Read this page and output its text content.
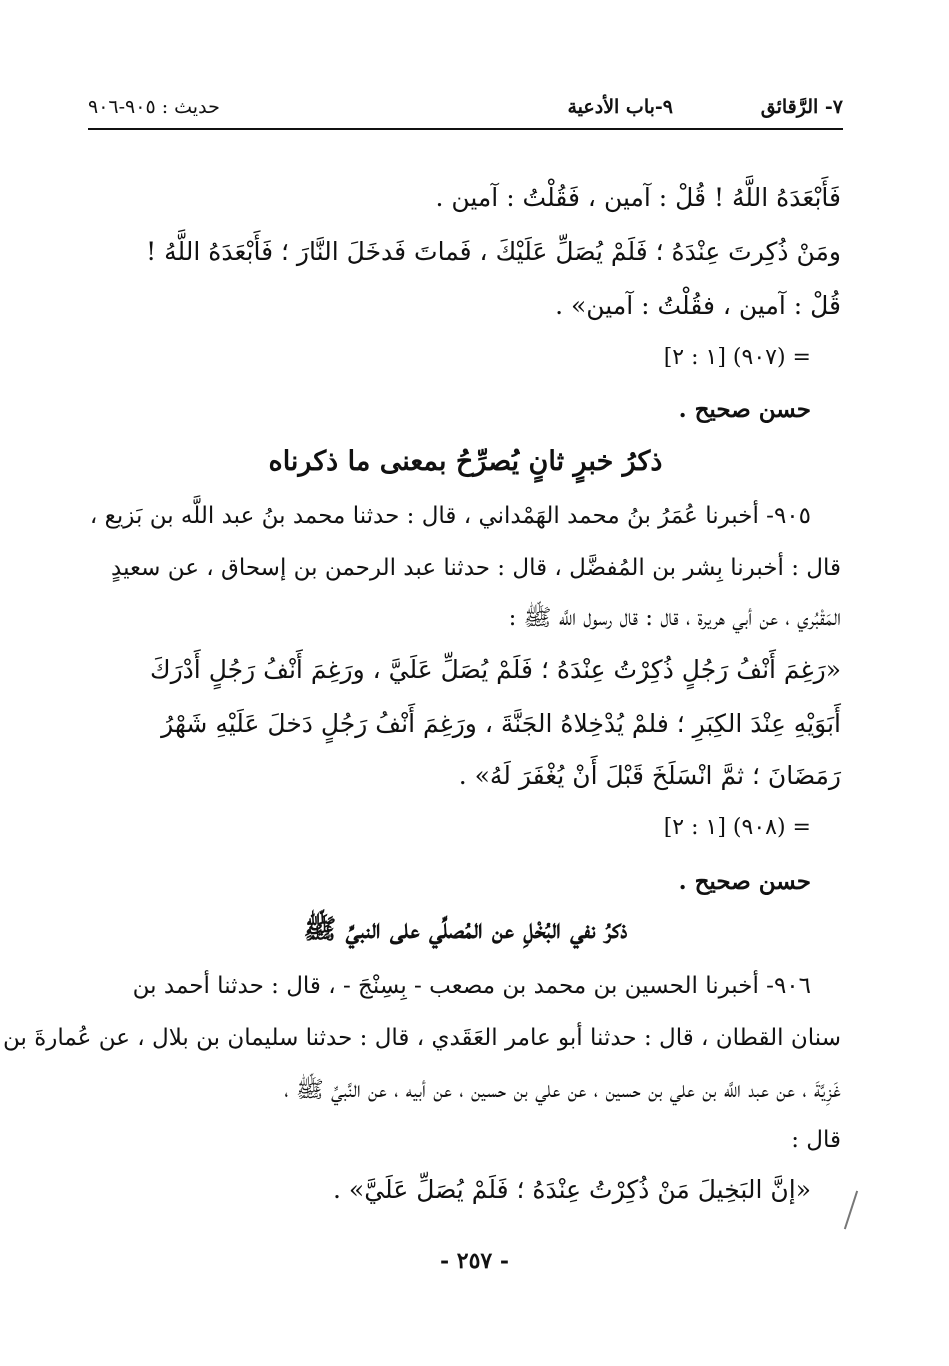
٧- الرَّقائق
٩-باب الأدعية
حديث : ٩٠٥-٩٠٦
فَأَبْعَدَهُ اللَّهُ ! قُلْ : آمين ، فَقُلْتُ : آمين .
ومَنْ ذُكِرتَ عِنْدَهُ ؛ فَلَمْ يُصَلِّ عَلَيْكَ ، فَماتَ فَدخَلَ النَّارَ ؛ فَأَبْعَدَهُ اللَّهُ !
قُلْ : آمين ، فقُلْتُ : آمين» .
= (٩٠٧) [١ : ٢]
حسن صحيح .
ذكرُ خبرٍ ثانٍ يُصرِّحُ بمعنى ما ذكرناه
٩٠٥- أخبرنا عُمَرُ بنُ محمد الهَمْداني ، قال : حدثنا محمد بنُ عبد اللَّه بن بَزيع ،
قال : أخبرنا بِشر بن المُفضَّل ، قال : حدثنا عبد الرحمن بن إسحاق ، عن سعيدٍ
المَقْبُري ، عن أبي هريرة ، قال : قال رسول اللَّه ﷺ :
«رَغِمَ أَنْفُ رَجُلٍ ذُكِرْتُ عِنْدَهُ ؛ فَلَمْ يُصَلِّ عَلَيَّ ، ورَغِمَ أَنْفُ رَجُلٍ أَدْرَكَ
أَبَوَيْهِ عِنْدَ الكِبَرِ ؛ فلمْ يُدْخِلاهُ الجَنَّةَ ، ورَغِمَ أَنْفُ رَجُلٍ دَخلَ عَلَيْهِ شَهْرُ
رَمَضَانَ ؛ ثمَّ انْسَلَخَ قَبْلَ أَنْ يُغْفَرَ لَهُ» .
= (٩٠٨) [١ : ٢]
حسن صحيح .
ذكرُ نفي البُخْلِ عن المُصلِّي على النبيِّ ﷺ
٩٠٦- أخبرنا الحسين بن محمد بن مصعب - بِسِنْجَ - ، قال : حدثنا أحمد بن
سنان القطان ، قال : حدثنا أبو عامر العَقَدي ، قال : حدثنا سليمان بن بلال ، عن عُمارةَ بن
غَزِيَّةَ ، عن عبد اللَّه بن علي بن حسين ، عن علي بن حسين ، عن أبيه ، عن النَّبيِّ ﷺ ،
قال :
«إنَّ البَخِيلَ مَنْ ذُكِرْتُ عِنْدَهُ ؛ فَلَمْ يُصَلِّ عَلَيَّ» .
- ٢٥٧ -
